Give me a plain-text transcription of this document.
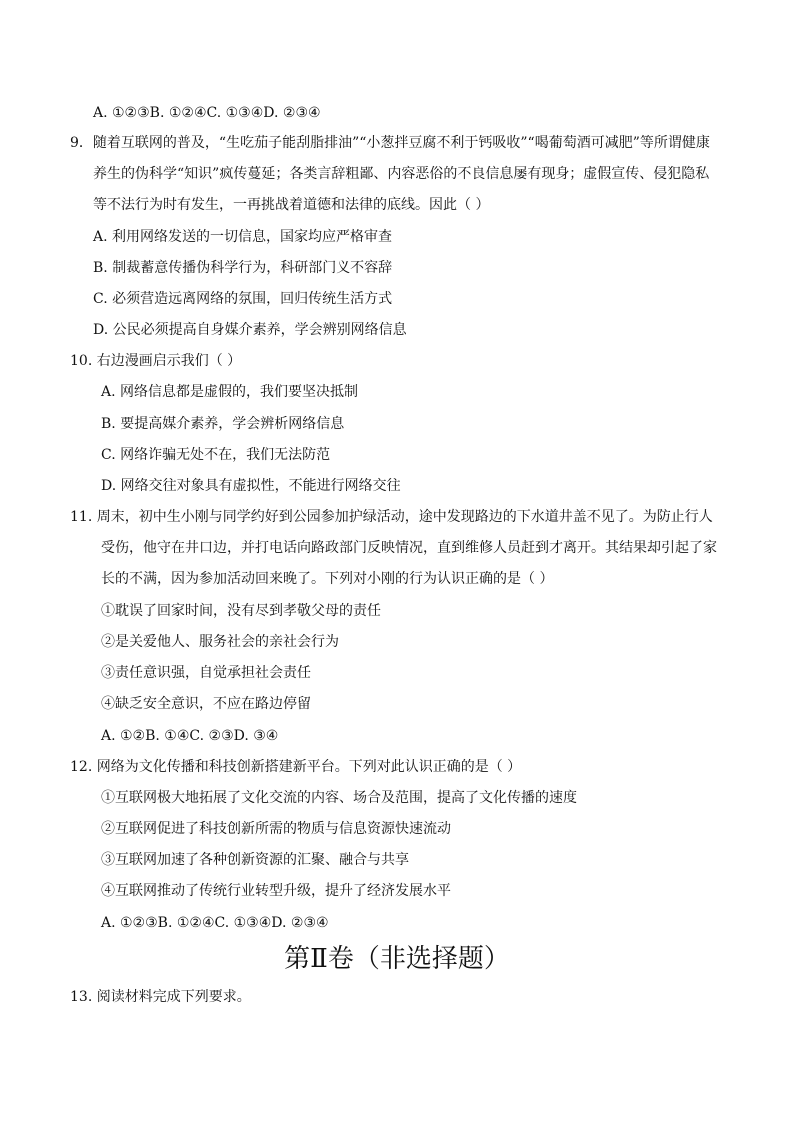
A. ①②③B. ①②④C. ①③④D. ②③④
9．随着互联网的普及，“生吃茄子能刮脂排油”“小葱拌豆腐不利于钙吸收”“喝葡萄酒可减肥”等所谓健康
养生的伪科学“知识”疯传蔓延；各类言辞粗鄙、内容恶俗的不良信息屡有现身；虚假宣传、侵犯隐私
等不法行为时有发生，一再挑战着道德和法律的底线。因此（ ）
A. 利用网络发送的一切信息，国家均应严格审查
B. 制裁蓄意传播伪科学行为，科研部门义不容辞
C. 必须营造远离网络的氛围，回归传统生活方式
D. 公民必须提高自身媒介素养，学会辨别网络信息
10. 右边漫画启示我们（ ）
A. 网络信息都是虚假的，我们要坚决抵制
B. 要提高媒介素养，学会辨析网络信息
C. 网络诈骗无处不在，我们无法防范
D. 网络交往对象具有虚拟性，不能进行网络交往
11. 周末，初中生小刚与同学约好到公园参加护绿活动，途中发现路边的下水道井盖不见了。为防止行人
受伤，他守在井口边，并打电话向路政部门反映情况，直到维修人员赶到才离开。其结果却引起了家
长的不满，因为参加活动回来晚了。下列对小刚的行为认识正确的是（ ）
①耽误了回家时间，没有尽到孝敬父母的责任
②是关爱他人、服务社会的亲社会行为
③责任意识强，自觉承担社会责任
④缺乏安全意识，不应在路边停留
A. ①②B. ①④C. ②③D. ③④
12. 网络为文化传播和科技创新搭建新平台。下列对此认识正确的是（ ）
①互联网极大地拓展了文化交流的内容、场合及范围，提高了文化传播的速度
②互联网促进了科技创新所需的物质与信息资源快速流动
③互联网加速了各种创新资源的汇聚、融合与共享
④互联网推动了传统行业转型升级，提升了经济发展水平
A. ①②③B. ①②④C. ①③④D. ②③④
第Ⅱ卷（非选择题）
13. 阅读材料完成下列要求。
